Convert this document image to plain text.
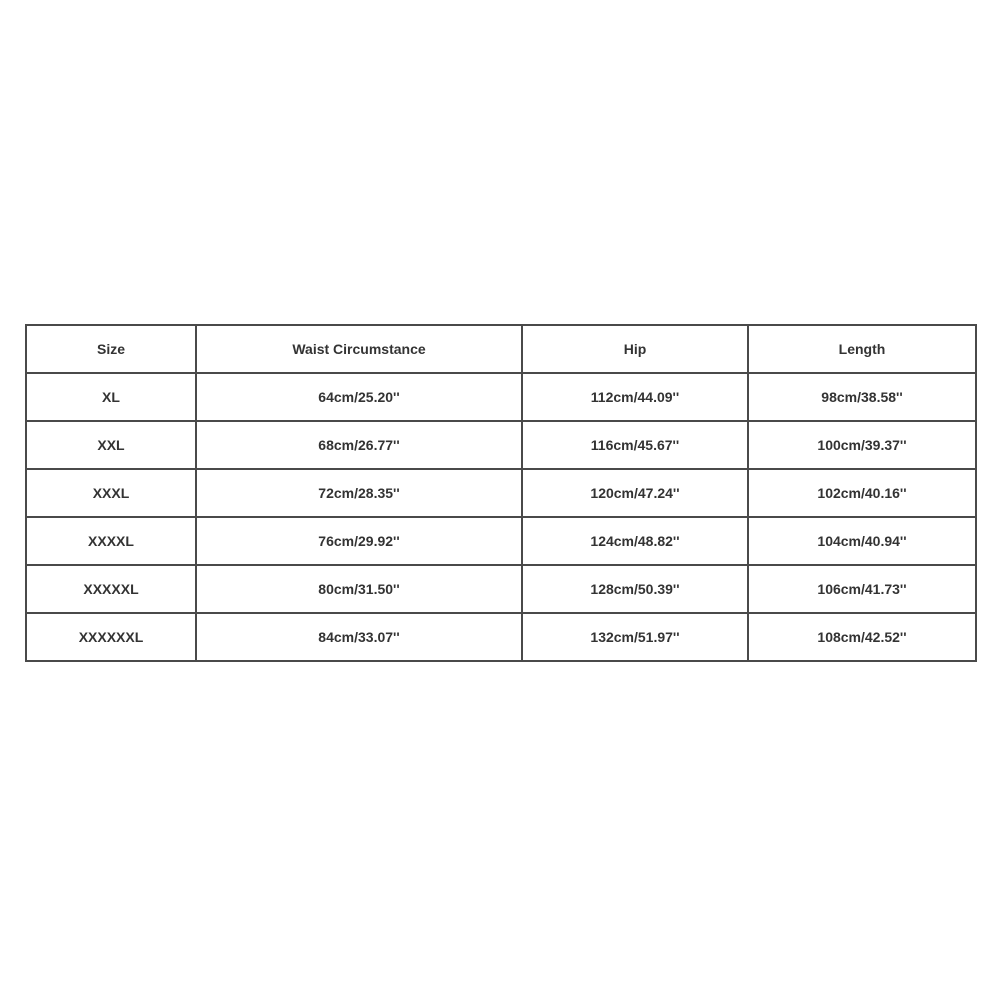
Size	Waist Circumstance	Hip	Length
XL	64cm/25.20''	112cm/44.09''	98cm/38.58''
XXL	68cm/26.77''	116cm/45.67''	100cm/39.37''
XXXL	72cm/28.35''	120cm/47.24''	102cm/40.16''
XXXXL	76cm/29.92''	124cm/48.82''	104cm/40.94''
XXXXXL	80cm/31.50''	128cm/50.39''	106cm/41.73''
XXXXXXL	84cm/33.07''	132cm/51.97''	108cm/42.52''
